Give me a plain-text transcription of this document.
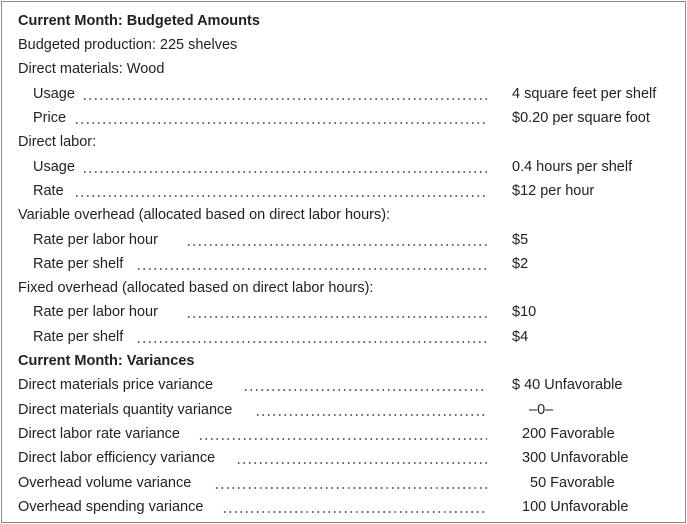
Current Month: Budgeted Amounts
Budgeted production: 225 shelves
Direct materials: Wood
Usage	4 square feet per shelf
Price	$0.20 per square foot
Direct labor:
Usage	0.4 hours per shelf
Rate	$12 per hour
Variable overhead (allocated based on direct labor hours):
Rate per labor hour	$5
Rate per shelf	$2
Fixed overhead (allocated based on direct labor hours):
Rate per labor hour	$10
Rate per shelf	$4
Current Month: Variances
Direct materials price variance	$ 40 Unfavorable
Direct materials quantity variance	–0–
Direct labor rate variance	200 Favorable
Direct labor efficiency variance	300 Unfavorable
Overhead volume variance	50 Favorable
Overhead spending variance	100 Unfavorable
